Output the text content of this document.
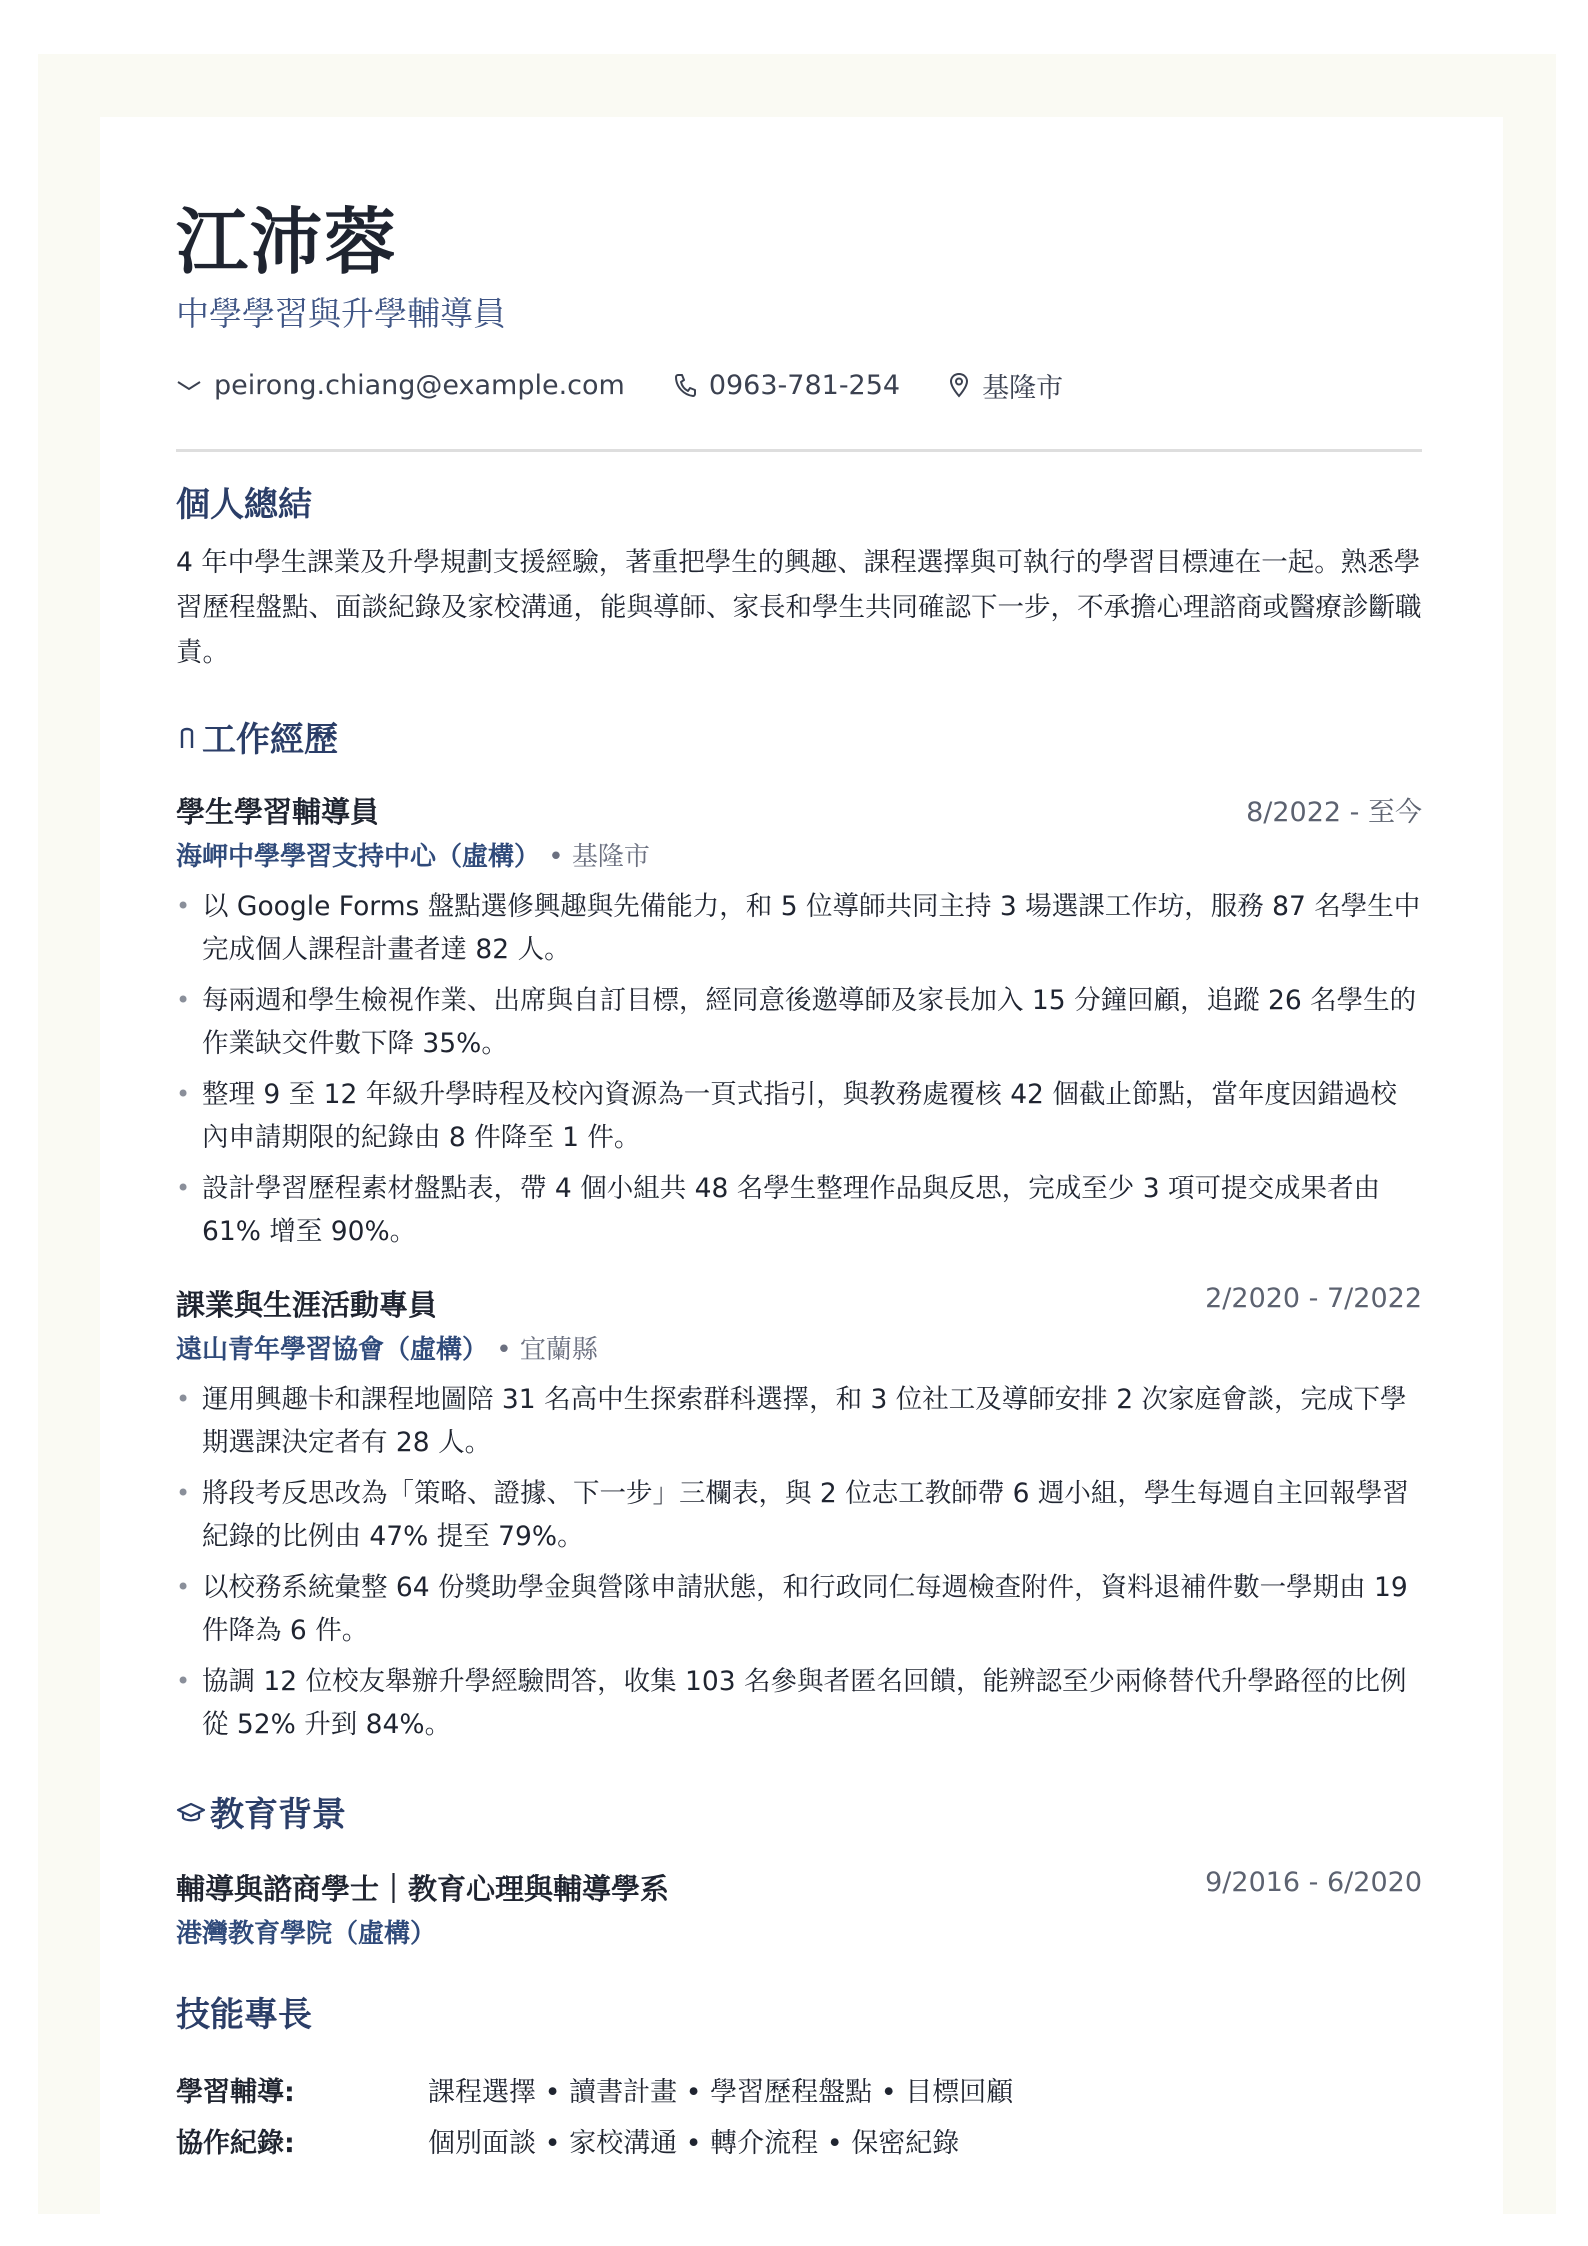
江沛蓉
中學學習與升學輔導員
peirong.chiang@example.com	0963-781-254	基隆市
個人總結
4 年中學生課業及升學規劃支援經驗，著重把學生的興趣、課程選擇與可執行的學習目標連在一起。熟悉學習歷程盤點、面談紀錄及家校溝通，能與導師、家長和學生共同確認下一步，不承擔心理諮商或醫療診斷職責。
工作經歷
學生學習輔導員	8/2022 - 至今
海岬中學學習支持中心（虛構） • 基隆市
• 以 Google Forms 盤點選修興趣與先備能力，和 5 位導師共同主持 3 場選課工作坊，服務 87 名學生中完成個人課程計畫者達 82 人。
• 每兩週和學生檢視作業、出席與自訂目標，經同意後邀導師及家長加入 15 分鐘回顧，追蹤 26 名學生的作業缺交件數下降 35%。
• 整理 9 至 12 年級升學時程及校內資源為一頁式指引，與教務處覆核 42 個截止節點，當年度因錯過校內申請期限的紀錄由 8 件降至 1 件。
• 設計學習歷程素材盤點表，帶 4 個小組共 48 名學生整理作品與反思，完成至少 3 項可提交成果者由 61% 增至 90%。
課業與生涯活動專員	2/2020 - 7/2022
遠山青年學習協會（虛構） • 宜蘭縣
• 運用興趣卡和課程地圖陪 31 名高中生探索群科選擇，和 3 位社工及導師安排 2 次家庭會談，完成下學期選課決定者有 28 人。
• 將段考反思改為「策略、證據、下一步」三欄表，與 2 位志工教師帶 6 週小組，學生每週自主回報學習紀錄的比例由 47% 提至 79%。
• 以校務系統彙整 64 份獎助學金與營隊申請狀態，和行政同仁每週檢查附件，資料退補件數一學期由 19 件降為 6 件。
• 協調 12 位校友舉辦升學經驗問答，收集 103 名參與者匿名回饋，能辨認至少兩條替代升學路徑的比例從 52% 升到 84%。
教育背景
輔導與諮商學士｜教育心理與輔導學系	9/2016 - 6/2020
港灣教育學院（虛構）
技能專長
學習輔導:	課程選擇 • 讀書計畫 • 學習歷程盤點 • 目標回顧
協作紀錄:	個別面談 • 家校溝通 • 轉介流程 • 保密紀錄
